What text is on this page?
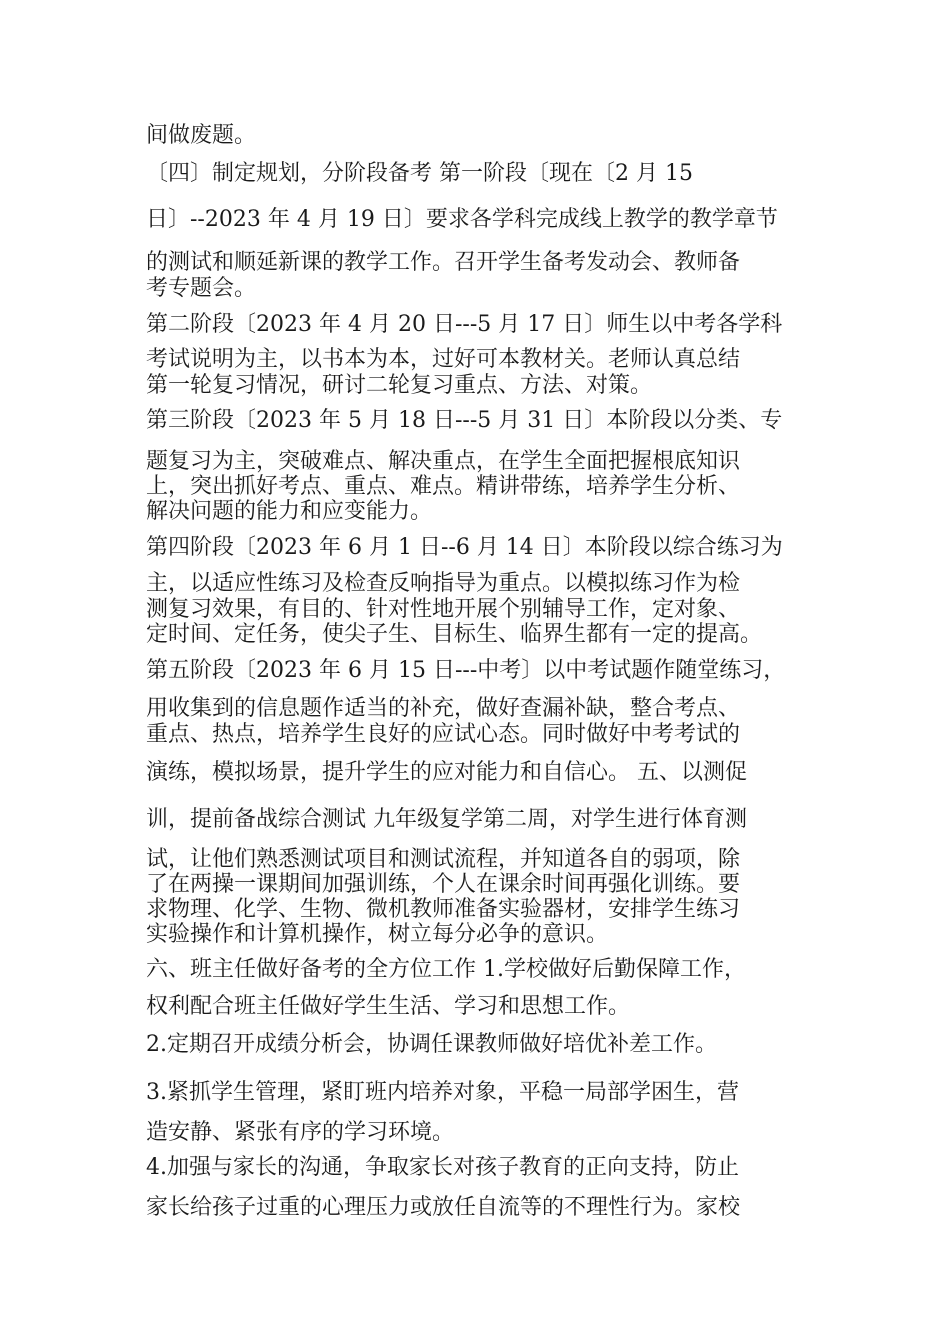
间做废题。
〔四〕制定规划，分阶段备考 第一阶段〔现在〔2 月 15
日〕--2023 年 4 月 19 日〕要求各学科完成线上教学的教学章节
的测试和顺延新课的教学工作。召开学生备考发动会、教师备
考专题会。
第二阶段〔2023 年 4 月 20 日---5 月 17 日〕师生以中考各学科
考试说明为主，以书本为本，过好可本教材关。老师认真总结
第一轮复习情况，研讨二轮复习重点、方法、对策。
第三阶段〔2023 年 5 月 18 日---5 月 31 日〕本阶段以分类、专
题复习为主，突破难点、解决重点，在学生全面把握根底知识
上，突出抓好考点、重点、难点。精讲带练，培养学生分析、
解决问题的能力和应变能力。
第四阶段〔2023 年 6 月 1 日--6 月 14 日〕本阶段以综合练习为
主，以适应性练习及检查反响指导为重点。以模拟练习作为检
测复习效果，有目的、针对性地开展个别辅导工作，定对象、
定时间、定任务，使尖子生、目标生、临界生都有一定的提高。
第五阶段〔2023 年 6 月 15 日---中考〕以中考试题作随堂练习，
用收集到的信息题作适当的补充，做好查漏补缺，整合考点、
重点、热点，培养学生良好的应试心态。同时做好中考考试的
演练，模拟场景，提升学生的应对能力和自信心。 五、以测促
训，提前备战综合测试 九年级复学第二周，对学生进行体育测
试，让他们熟悉测试项目和测试流程，并知道各自的弱项，除
了在两操一课期间加强训练，个人在课余时间再强化训练。要
求物理、化学、生物、微机教师准备实验器材，安排学生练习
实验操作和计算机操作，树立每分必争的意识。
六、班主任做好备考的全方位工作 1.学校做好后勤保障工作，
权利配合班主任做好学生生活、学习和思想工作。
2.定期召开成绩分析会，协调任课教师做好培优补差工作。
3.紧抓学生管理，紧盯班内培养对象，平稳一局部学困生，营
造安静、紧张有序的学习环境。
4.加强与家长的沟通，争取家长对孩子教育的正向支持，防止
家长给孩子过重的心理压力或放任自流等的不理性行为。家校
